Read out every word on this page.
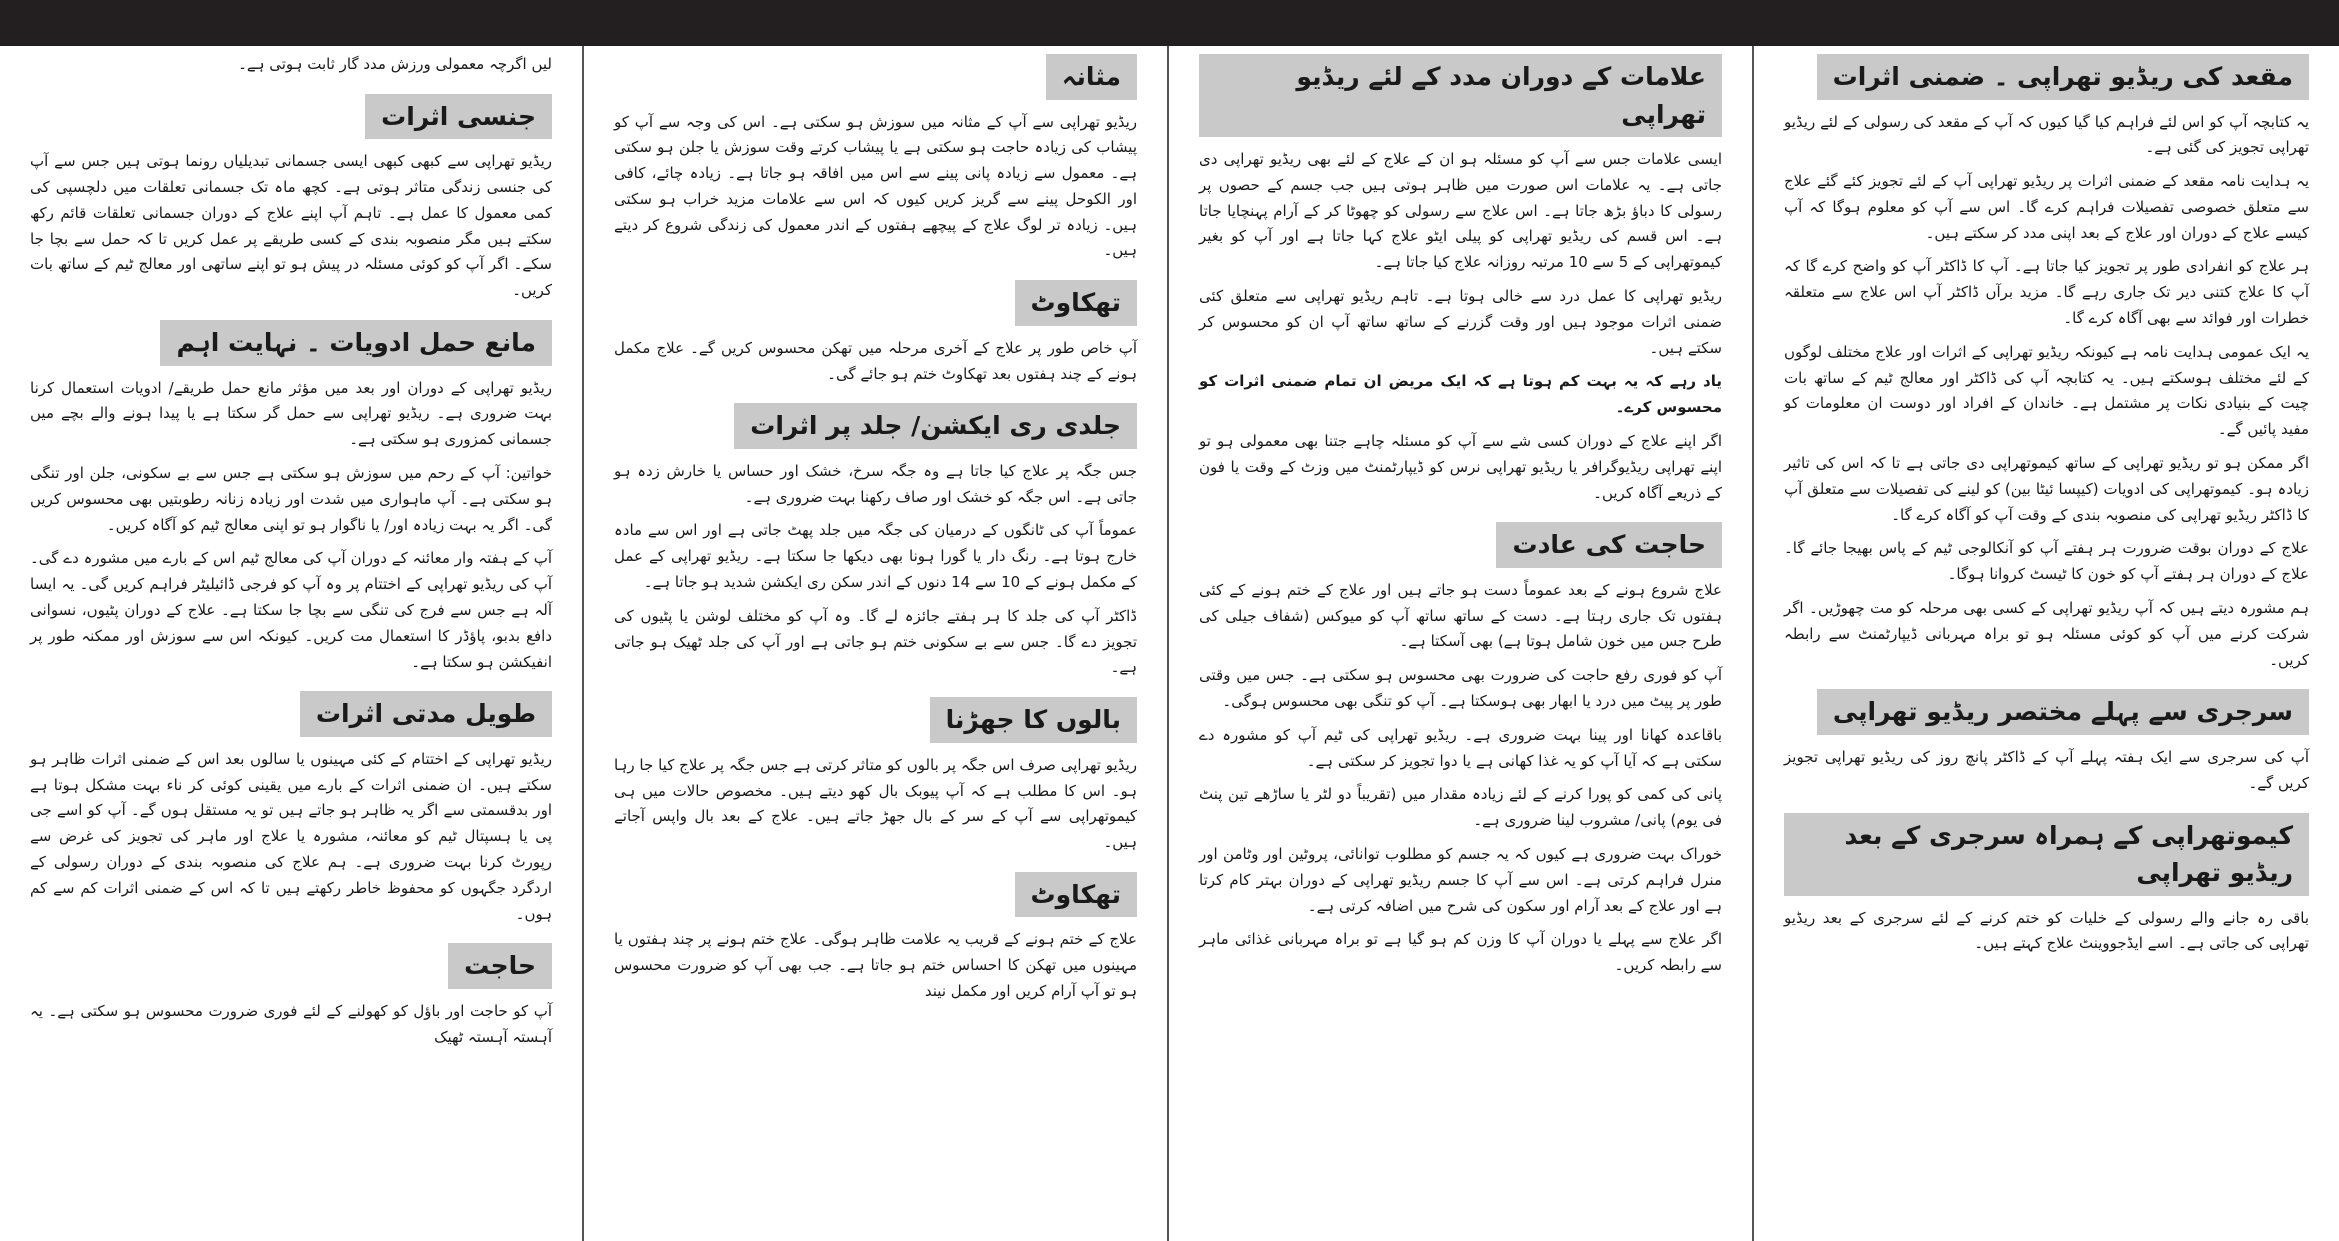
مقعد کی ریڈیو تھراپی ۔ ضمنی اثرات

یہ کتابچہ آپ کو اس لئے فراہم کیا گیا کیوں کہ آپ کے مقعد کی رسولی کے لئے ریڈیو تھراپی تجویز کی گئی ہے۔

یہ ہدایت نامہ مقعد کے ضمنی اثرات پر ریڈیو تھراپی آپ کے لئے تجویز کئے گئے علاج سے متعلق خصوصی تفصیلات فراہم کرے گا۔ اس سے آپ کو معلوم ہوگا کہ آپ کیسے علاج کے دوران اور علاج کے بعد اپنی مدد کر سکتے ہیں۔

ہر علاج کو انفرادی طور پر تجویز کیا جاتا ہے۔ آپ کا ڈاکٹر آپ کو واضح کرے گا کہ آپ کا علاج کتنی دیر تک جاری رہے گا۔ مزید برآں ڈاکٹر آپ اس علاج سے متعلقہ خطرات اور فوائد سے بھی آگاہ کرے گا۔

یہ ایک عمومی ہدایت نامہ ہے کیونکہ ریڈیو تھراپی کے اثرات اور علاج مختلف لوگوں کے لئے مختلف ہوسکتے ہیں۔ یہ کتابچہ آپ کی ڈاکٹر اور معالج ٹیم کے ساتھ بات چیت کے بنیادی نکات پر مشتمل ہے۔ خاندان کے افراد اور دوست ان معلومات کو مفید پائیں گے۔

اگر ممکن ہو تو ریڈیو تھراپی کے ساتھ کیموتھراپی دی جاتی ہے تا کہ اس کی تاثیر زیادہ ہو۔ کیموتھراپی کی ادویات (کیپسا ئیٹا بین) کو لینے کی تفصیلات سے متعلق آپ کا ڈاکٹر ریڈیو تھراپی کی منصوبہ بندی کے وقت آپ کو آگاہ کرے گا۔

علاج کے دوران بوقت ضرورت ہر ہفتے آپ کو آنکالوجی ٹیم کے پاس بھیجا جائے گا۔ علاج کے دوران ہر ہفتے آپ کو خون کا ٹیسٹ کروانا ہوگا۔

ہم مشورہ دیتے ہیں کہ آپ ریڈیو تھراپی کے کسی بھی مرحلہ کو مت چھوڑیں۔ اگر شرکت کرنے میں آپ کو کوئی مسئلہ ہو تو براہ مہربانی ڈیپارٹمنٹ سے رابطہ کریں۔

سرجری سے پہلے مختصر ریڈیو تھراپی

آپ کی سرجری سے ایک ہفتہ پہلے آپ کے ڈاکٹر پانچ روز کی ریڈیو تھراپی تجویز کریں گے۔

کیموتھراپی کے ہمراہ سرجری کے بعد ریڈیو تھراپی

باقی رہ جانے والے رسولی کے خلیات کو ختم کرنے کے لئے سرجری کے بعد ریڈیو تھراپی کی جاتی ہے۔ اسے ایڈجووینٹ علاج کہتے ہیں۔

علامات کے دوران مدد کے لئے ریڈیو تھراپی

ایسی علامات جس سے آپ کو مسئلہ ہو ان کے علاج کے لئے بھی ریڈیو تھراپی دی جاتی ہے۔ یہ علامات اس صورت میں ظاہر ہوتی ہیں جب جسم کے حصوں پر رسولی کا دباؤ بڑھ جاتا ہے۔ اس علاج سے رسولی کو چھوٹا کر کے آرام پہنچایا جاتا ہے۔ اس قسم کی ریڈیو تھراپی کو پیلی ایٹو علاج کہا جاتا ہے اور آپ کو بغیر کیموتھراپی کے 5 سے 10 مرتبہ روزانہ علاج کیا جاتا ہے۔

ریڈیو تھراپی کا عمل درد سے خالی ہوتا ہے۔ تاہم ریڈیو تھراپی سے متعلق کئی ضمنی اثرات موجود ہیں اور وقت گزرنے کے ساتھ ساتھ آپ ان کو محسوس کر سکتے ہیں۔

یاد رہے کہ یہ بہت کم ہوتا ہے کہ ایک مریض ان تمام ضمنی اثرات کو محسوس کرے۔

اگر اپنے علاج کے دوران کسی شے سے آپ کو مسئلہ چاہے جتنا بھی معمولی ہو تو اپنے تھراپی ریڈیوگرافر یا ریڈیو تھراپی نرس کو ڈیپارٹمنٹ میں وزٹ کے وقت یا فون کے ذریعے آگاہ کریں۔

حاجت کی عادت

علاج شروع ہونے کے بعد عموماً دست ہو جاتے ہیں اور علاج کے ختم ہونے کے کئی ہفتوں تک جاری رہتا ہے۔ دست کے ساتھ ساتھ آپ کو میوکس (شفاف جیلی کی طرح جس میں خون شامل ہوتا ہے) بھی آسکتا ہے۔

آپ کو فوری رفع حاجت کی ضرورت بھی محسوس ہو سکتی ہے۔ جس میں وقتی طور پر پیٹ میں درد یا ابھار بھی ہوسکتا ہے۔ آپ کو تنگی بھی محسوس ہوگی۔

باقاعدہ کھانا اور پینا بہت ضروری ہے۔ ریڈیو تھراپی کی ٹیم آپ کو مشورہ دے سکتی ہے کہ آیا آپ کو یہ غذا کھانی ہے یا دوا تجویز کر سکتی ہے۔

پانی کی کمی کو پورا کرنے کے لئے زیادہ مقدار میں (تقریباً دو لٹر یا ساڑھے تین پنٹ فی یوم) پانی/ مشروب لینا ضروری ہے۔

خوراک بہت ضروری ہے کیوں کہ یہ جسم کو مطلوب توانائی، پروٹین اور وٹامن اور منرل فراہم کرتی ہے۔ اس سے آپ کا جسم ریڈیو تھراپی کے دوران بہتر کام کرتا ہے اور علاج کے بعد آرام اور سکون کی شرح میں اضافہ کرتی ہے۔

اگر علاج سے پہلے یا دوران آپ کا وزن کم ہو گیا ہے تو براہ مہربانی غذائی ماہر سے رابطہ کریں۔

مثانہ

ریڈیو تھراپی سے آپ کے مثانہ میں سوزش ہو سکتی ہے۔ اس کی وجہ سے آپ کو پیشاب کی زیادہ حاجت ہو سکتی ہے یا پیشاب کرتے وقت سوزش یا جلن ہو سکتی ہے۔ معمول سے زیادہ پانی پینے سے اس میں افاقہ ہو جاتا ہے۔ زیادہ چائے، کافی اور الکوحل پینے سے گریز کریں کیوں کہ اس سے علامات مزید خراب ہو سکتی ہیں۔ زیادہ تر لوگ علاج کے پیچھے ہفتوں کے اندر معمول کی زندگی شروع کر دیتے ہیں۔

تھکاوٹ

آپ خاص طور پر علاج کے آخری مرحلہ میں تھکن محسوس کریں گے۔ علاج مکمل ہونے کے چند ہفتوں بعد تھکاوٹ ختم ہو جائے گی۔

جلدی ری ایکشن/ جلد پر اثرات

جس جگہ پر علاج کیا جاتا ہے وہ جگہ سرخ، خشک اور حساس یا خارش زدہ ہو جاتی ہے۔ اس جگہ کو خشک اور صاف رکھنا بہت ضروری ہے۔

عموماً آپ کی ٹانگوں کے درمیان کی جگہ میں جلد پھٹ جاتی ہے اور اس سے مادہ خارج ہوتا ہے۔ رنگ دار یا گورا ہونا بھی دیکھا جا سکتا ہے۔ ریڈیو تھراپی کے عمل کے مکمل ہونے کے 10 سے 14 دنوں کے اندر سکن ری ایکشن شدید ہو جاتا ہے۔

ڈاکٹر آپ کی جلد کا ہر ہفتے جائزہ لے گا۔ وہ آپ کو مختلف لوشن یا پٹیوں کی تجویز دے گا۔ جس سے بے سکونی ختم ہو جاتی ہے اور آپ کی جلد ٹھیک ہو جاتی ہے۔

بالوں کا جھڑنا

ریڈیو تھراپی صرف اس جگہ پر بالوں کو متاثر کرتی ہے جس جگہ پر علاج کیا جا رہا ہو۔ اس کا مطلب ہے کہ آپ پیوبک بال کھو دیتے ہیں۔ مخصوص حالات میں ہی کیموتھراپی سے آپ کے سر کے بال جھڑ جاتے ہیں۔ علاج کے بعد بال واپس آجاتے ہیں۔

تھکاوٹ

علاج کے ختم ہونے کے قریب یہ علامت ظاہر ہوگی۔ علاج ختم ہونے پر چند ہفتوں یا مہینوں میں تھکن کا احساس ختم ہو جاتا ہے۔ جب بھی آپ کو ضرورت محسوس ہو تو آپ آرام کریں اور مکمل نیند

لیں اگرچہ معمولی ورزش مدد گار ثابت ہوتی ہے۔

جنسی اثرات

ریڈیو تھراپی سے کبھی کبھی ایسی جسمانی تبدیلیاں رونما ہوتی ہیں جس سے آپ کی جنسی زندگی متاثر ہوتی ہے۔ کچھ ماہ تک جسمانی تعلقات میں دلچسپی کی کمی معمول کا عمل ہے۔ تاہم آپ اپنے علاج کے دوران جسمانی تعلقات قائم رکھ سکتے ہیں مگر منصوبہ بندی کے کسی طریقے پر عمل کریں تا کہ حمل سے بچا جا سکے۔ اگر آپ کو کوئی مسئلہ در پیش ہو تو اپنے ساتھی اور معالج ٹیم کے ساتھ بات کریں۔

مانع حمل ادویات ۔ نہایت اہم

ریڈیو تھراپی کے دوران اور بعد میں مؤثر مانع حمل طریقے/ ادویات استعمال کرنا بہت ضروری ہے۔ ریڈیو تھراپی سے حمل گر سکتا ہے یا پیدا ہونے والے بچے میں جسمانی کمزوری ہو سکتی ہے۔

خواتین: آپ کے رحم میں سوزش ہو سکتی ہے جس سے بے سکونی، جلن اور تنگی ہو سکتی ہے۔ آپ ماہواری میں شدت اور زیادہ زنانہ رطوبتیں بھی محسوس کریں گی۔ اگر یہ بہت زیادہ اور/ یا ناگوار ہو تو اپنی معالج ٹیم کو آگاہ کریں۔

آپ کے ہفتہ وار معائنہ کے دوران آپ کی معالج ٹیم اس کے بارے میں مشورہ دے گی۔ آپ کی ریڈیو تھراپی کے اختتام پر وہ آپ کو فرجی ڈائیلیٹر فراہم کریں گی۔ یہ ایسا آلہ ہے جس سے فرج کی تنگی سے بچا جا سکتا ہے۔ علاج کے دوران پٹیوں، نسوانی دافع بدبو، پاؤڈر کا استعمال مت کریں۔ کیونکہ اس سے سوزش اور ممکنہ طور پر انفیکشن ہو سکتا ہے۔

طویل مدتی اثرات

ریڈیو تھراپی کے اختتام کے کئی مہینوں یا سالوں بعد اس کے ضمنی اثرات ظاہر ہو سکتے ہیں۔ ان ضمنی اثرات کے بارے میں یقینی کوئی کر ناء بہت مشکل ہوتا ہے اور بدقسمتی سے اگر یہ ظاہر ہو جاتے ہیں تو یہ مستقل ہوں گے۔ آپ کو اسے جی پی یا ہسپتال ٹیم کو معائنہ، مشورہ یا علاج اور ماہر کی تجویز کی غرض سے رپورٹ کرنا بہت ضروری ہے۔ ہم علاج کی منصوبہ بندی کے دوران رسولی کے اردگرد جگہوں کو محفوظ خاطر رکھتے ہیں تا کہ اس کے ضمنی اثرات کم سے کم ہوں۔

حاجت

آپ کو حاجت اور باؤل کو کھولنے کے لئے فوری ضرورت محسوس ہو سکتی ہے۔ یہ آہستہ آہستہ ٹھیک
